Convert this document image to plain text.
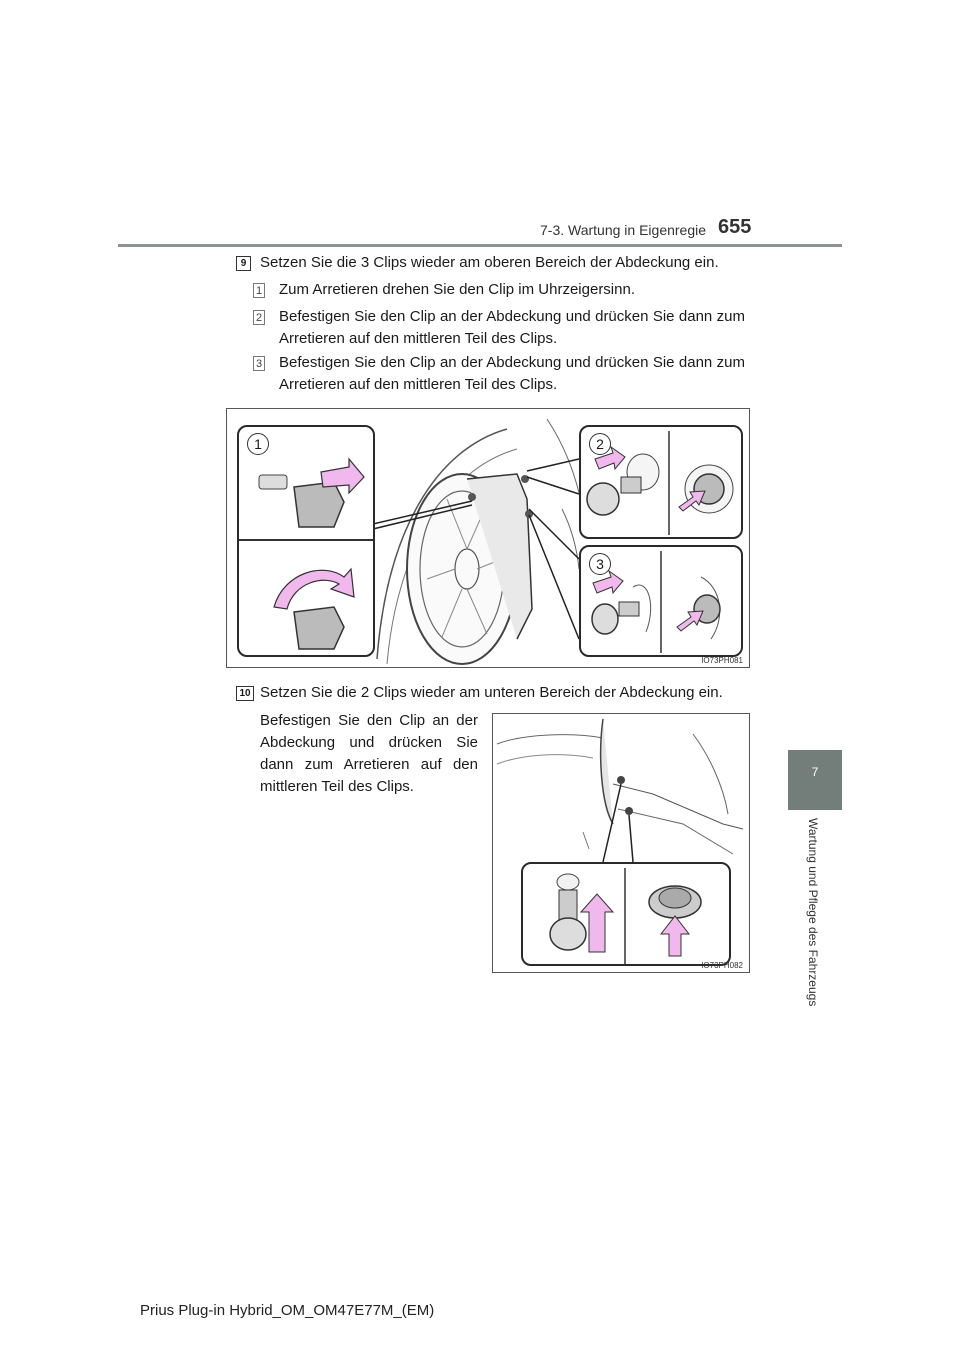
7-3. Wartung in Eigenregie 655
7
Wartung und Pflege des Fahrzeugs
9 Setzen Sie die 3 Clips wieder am oberen Bereich der Abdeckung ein.
1 Zum Arretieren drehen Sie den Clip im Uhrzeigersinn.
2 Befestigen Sie den Clip an der Abdeckung und drücken Sie dann zum Arretieren auf den mittleren Teil des Clips.
3 Befestigen Sie den Clip an der Abdeckung und drücken Sie dann zum Arretieren auf den mittleren Teil des Clips.
1	2
3
IO73PH081
10 Setzen Sie die 2 Clips wieder am unteren Bereich der Abdeckung ein.
Befestigen Sie den Clip an der Abdeckung und drücken Sie dann zum Arretieren auf den mittleren Teil des Clips.
IO73PH082
Prius Plug-in Hybrid_OM_OM47E77M_(EM)
